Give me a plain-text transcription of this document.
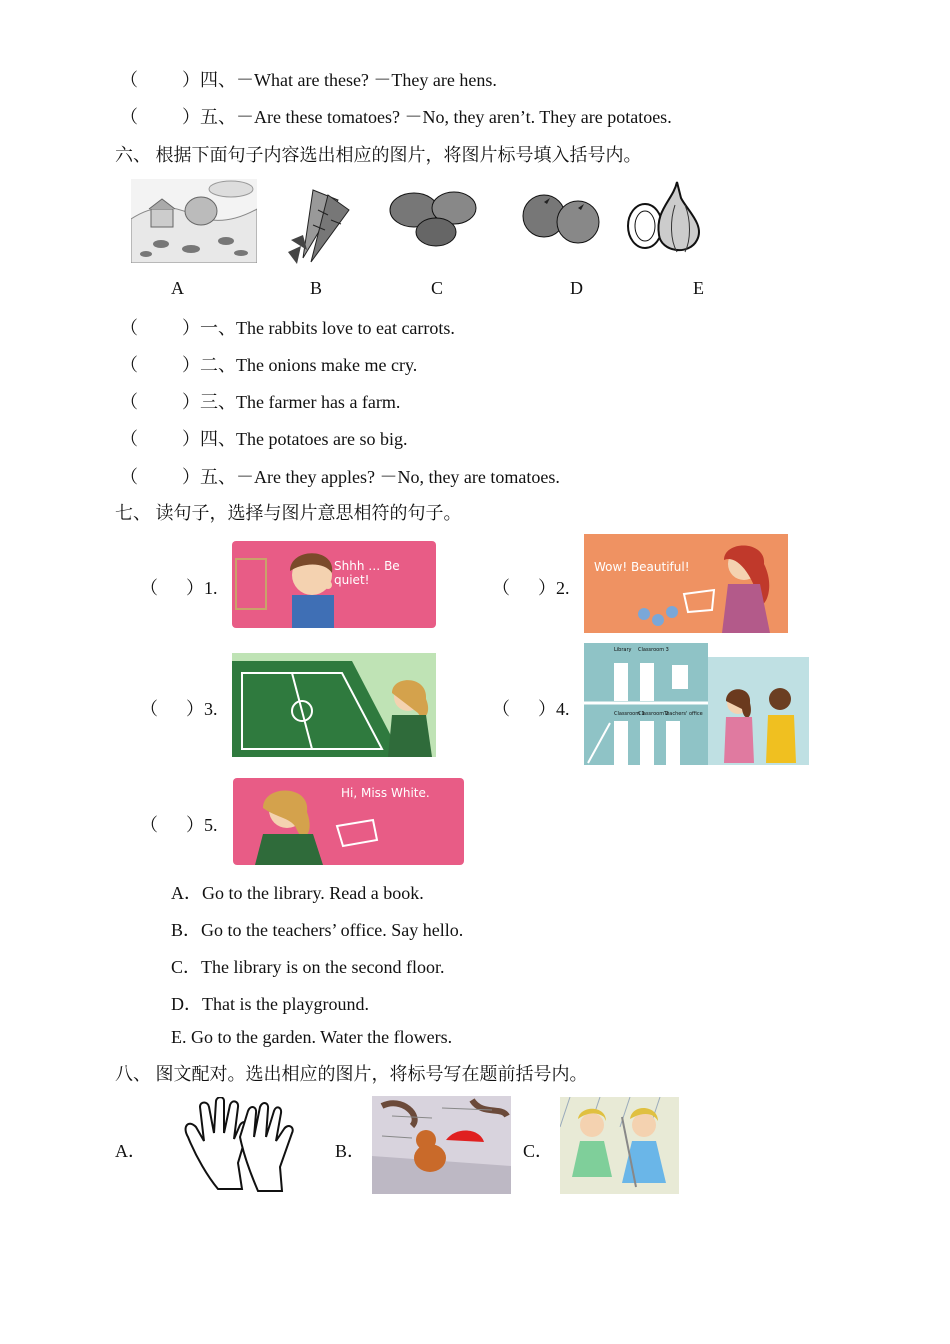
（ ）四、－What are these? －They are hens.
（ ）五、－Are these tomatoes? －No, they aren’t. They are potatoes.
六、 根据下面句子内容选出相应的图片，将图片标号填入括号内。
A	B	C	D	E
（ ）一、The rabbits love to eat carrots.
（ ）二、The onions make me cry.
（ ）三、The farmer has a farm.
（ ）四、The potatoes are so big.
（ ）五、－Are they apples? －No, they are tomatoes.
七、 读句子，选择与图片意思相符的句子。
（ ）1.
Shhh … Be quiet!	（ ）2.
Wow! Beautiful!
（ ）3.	（ ）4.
Library Classroom 3
Classroom 1
Classroom 2
Teachers' office
（ ）5.
Hi, Miss White.
A．Go to the library. Read a book.
B．Go to the teachers’ office. Say hello.
C．The library is on the second floor.
D．That is the playground.
E. Go to the garden. Water the flowers.
八、 图文配对。选出相应的图片，将标号写在题前括号内。
A．	B．	C．
